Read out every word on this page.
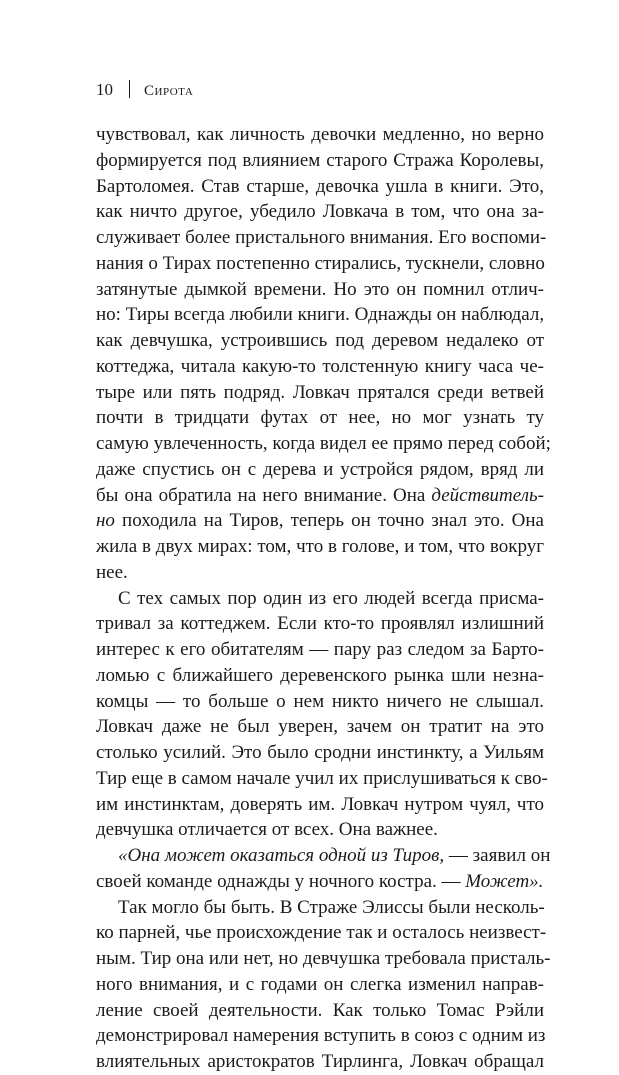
10 Сирота
чувствовал, как личность девочки медленно, но верно
формируется под влиянием старого Стража Королевы,
Бартоломея. Став старше, девочка ушла в книги. Это,
как ничто другое, убедило Ловкача в том, что она за-
служивает более пристального внимания. Его воспоми-
нания о Тирах постепенно стирались, тускнели, словно
затянутые дымкой времени. Но это он помнил отлич-
но: Тиры всегда любили книги. Однажды он наблюдал,
как девчушка, устроившись под деревом недалеко от
коттеджа, читала какую-то толстенную книгу часа че-
тыре или пять подряд. Ловкач прятался среди ветвей
почти в тридцати футах от нее, но мог узнать ту
самую увлеченность, когда видел ее прямо перед собой;
даже спустись он с дерева и устройся рядом, вряд ли
бы она обратила на него внимание. Она действитель-
но походила на Тиров, теперь он точно знал это. Она
жила в двух мирах: том, что в голове, и том, что вокруг
нее.
С тех самых пор один из его людей всегда присма-
тривал за коттеджем. Если кто-то проявлял излишний
интерес к его обитателям — пару раз следом за Барто-
ломью с ближайшего деревенского рынка шли незна-
комцы — то больше о нем никто ничего не слышал.
Ловкач даже не был уверен, зачем он тратит на это
столько усилий. Это было сродни инстинкту, а Уильям
Тир еще в самом начале учил их прислушиваться к сво-
им инстинктам, доверять им. Ловкач нутром чуял, что
девчушка отличается от всех. Она важнее.
«Она может оказаться одной из Тиров, — заявил он
своей команде однажды у ночного костра. — Может».
Так могло бы быть. В Страже Элиссы были несколь-
ко парней, чье происхождение так и осталось неизвест-
ным. Тир она или нет, но девчушка требовала присталь-
ного внимания, и с годами он слегка изменил направ-
ление своей деятельности. Как только Томас Рэйли
демонстрировал намерения вступить в союз с одним из
влиятельных аристократов Тирлинга, Ловкач обращал
